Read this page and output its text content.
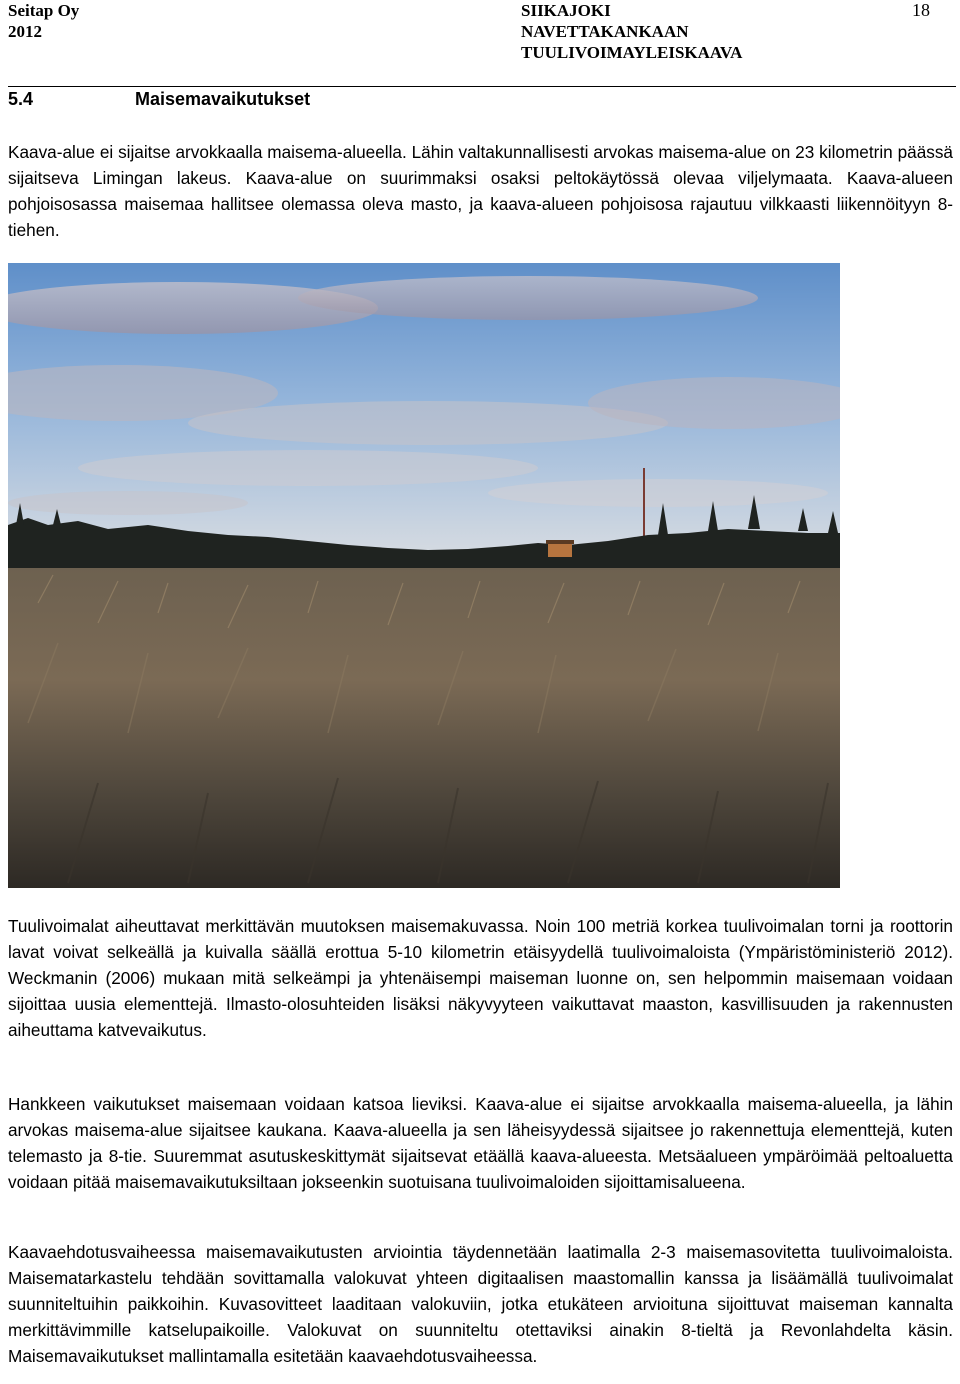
Seitap Oy
2012
SIIKAJOKI
NAVETTAKANKAAN
TUULIVOIMAYLEISKAAVA
18
5.4	Maisemavaikutukset

Kaava-alue ei sijaitse arvokkaalla maisema-alueella. Lähin valtakunnallisesti arvokas maisema-alue on 23 kilometrin päässä sijaitseva Limingan lakeus. Kaava-alue on suurimmaksi osaksi peltokäytössä olevaa viljelymaata. Kaava-alueen pohjoisosassa maisemaa hallitsee olemassa oleva masto, ja kaava-alueen pohjoisosa rajautuu vilkkaasti liikennöityyn 8-tiehen.

Tuulivoimalat aiheuttavat merkittävän muutoksen maisemakuvassa. Noin 100 metriä korkea tuulivoimalan torni ja roottorin lavat voivat selkeällä ja kuivalla säällä erottua 5-10 kilometrin etäisyydellä tuulivoimaloista (Ympäristöministeriö 2012). Weckmanin (2006) mukaan mitä selkeämpi ja yhtenäisempi maiseman luonne on, sen helpommin maisemaan voidaan sijoittaa uusia elementtejä. Ilmasto-olosuhteiden lisäksi näkyvyyteen vaikuttavat maaston, kasvillisuuden ja rakennusten aiheuttama katvevaikutus.

Hankkeen vaikutukset maisemaan voidaan katsoa lieviksi. Kaava-alue ei sijaitse arvokkaalla maisema-alueella, ja lähin arvokas maisema-alue sijaitsee kaukana. Kaava-alueella ja sen läheisyydessä sijaitsee jo rakennettuja elementtejä, kuten telemasto ja 8-tie. Suuremmat asutuskeskittymät sijaitsevat etäällä kaava-alueesta. Metsäalueen ympäröimää peltoaluetta voidaan pitää maisemavaikutuksiltaan jokseenkin suotuisana tuulivoimaloiden sijoittamisalueena.

Kaavaehdotusvaiheessa maisemavaikutusten arviointia täydennetään laatimalla 2-3 maisemasovitetta tuulivoimaloista. Maisematarkastelu tehdään sovittamalla valokuvat yhteen digitaalisen maastomallin kanssa ja lisäämällä tuulivoimalat suunniteltuihin paikkoihin. Kuvasovitteet laaditaan valokuviin, jotka etukäteen arvioituna sijoittuvat maiseman kannalta merkittävimmille katselupaikoille. Valokuvat on suunniteltu otettaviksi ainakin 8-tieltä ja Revonlahdelta käsin. Maisemavaikutukset mallintamalla esitetään kaavaehdotusvaiheessa.
